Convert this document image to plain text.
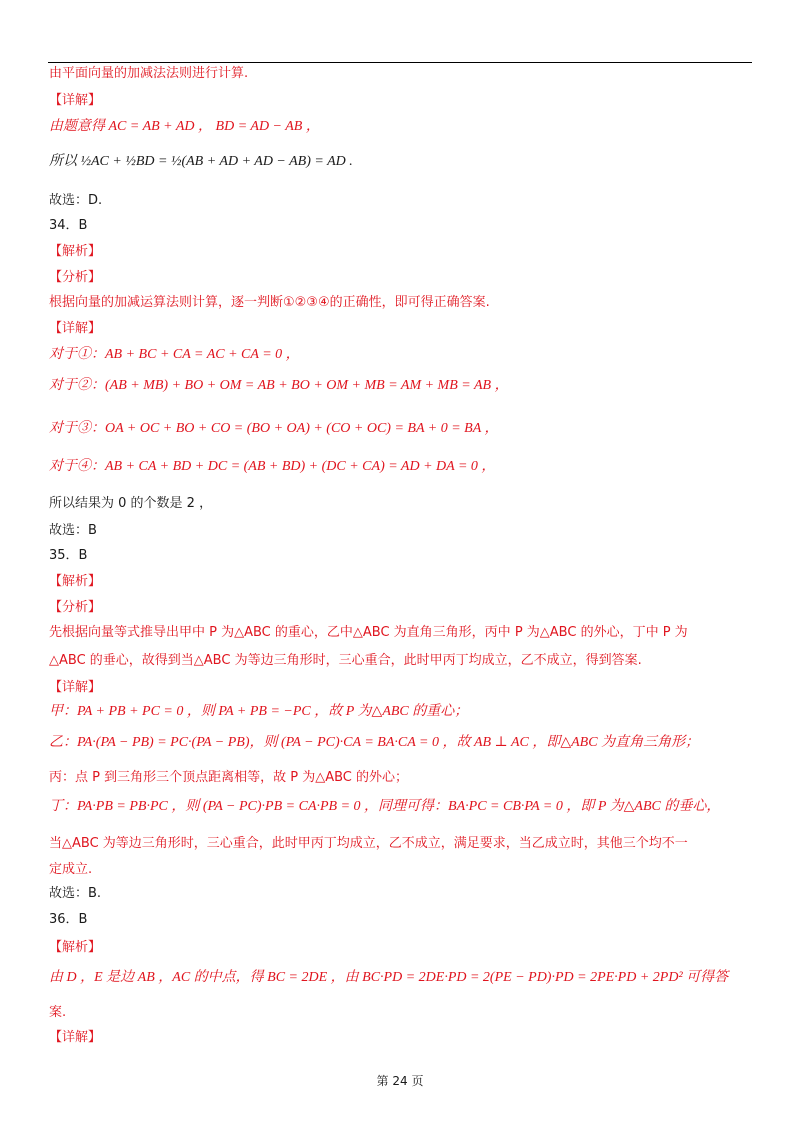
由平面向量的加减法法则进行计算.
【详解】
由题意得 AC = AB + AD ， BD = AD − AB ，
所以 ½AC + ½BD = ½(AB + AD + AD − AB) = AD .
故选：D.
34．B
【解析】
【分析】
根据向量的加减运算法则计算，逐一判断①②③④的正确性，即可得正确答案.
【详解】
对于①：AB + BC + CA = AC + CA = 0 ，
对于②：(AB + MB) + BO + OM = AB + BO + OM + MB = AM + MB = AB ，
对于③：OA + OC + BO + CO = (BO + OA) + (CO + OC) = BA + 0 = BA ，
对于④：AB + CA + BD + DC = (AB + BD) + (DC + CA) = AD + DA = 0 ，
所以结果为 0 的个数是 2 ，
故选：B
35．B
【解析】
【分析】
先根据向量等式推导出甲中 P 为△ABC 的重心，乙中△ABC 为直角三角形，丙中 P 为△ABC 的外心，丁中 P 为
△ABC 的垂心，故得到当△ABC 为等边三角形时，三心重合，此时甲丙丁均成立，乙不成立，得到答案.
【详解】
甲：PA + PB + PC = 0 ，则 PA + PB = −PC ，故 P 为△ABC 的重心；
乙：PA·(PA − PB) = PC·(PA − PB)，则 (PA − PC)·CA = BA·CA = 0 ，故 AB ⊥ AC ，即△ABC 为直角三角形；
丙：点 P 到三角形三个顶点距离相等，故 P 为△ABC 的外心；
丁：PA·PB = PB·PC ，则 (PA − PC)·PB = CA·PB = 0 ，同理可得：BA·PC = CB·PA = 0 ，即 P 为△ABC 的垂心，
当△ABC 为等边三角形时，三心重合，此时甲丙丁均成立，乙不成立，满足要求，当乙成立时，其他三个均不一
定成立.
故选：B.
36．B
【解析】
由 D ，E 是边 AB ，AC 的中点，得 BC = 2DE ，由 BC·PD = 2DE·PD = 2(PE − PD)·PD = 2PE·PD + 2PD² 可得答
案.
【详解】
第 24 页
